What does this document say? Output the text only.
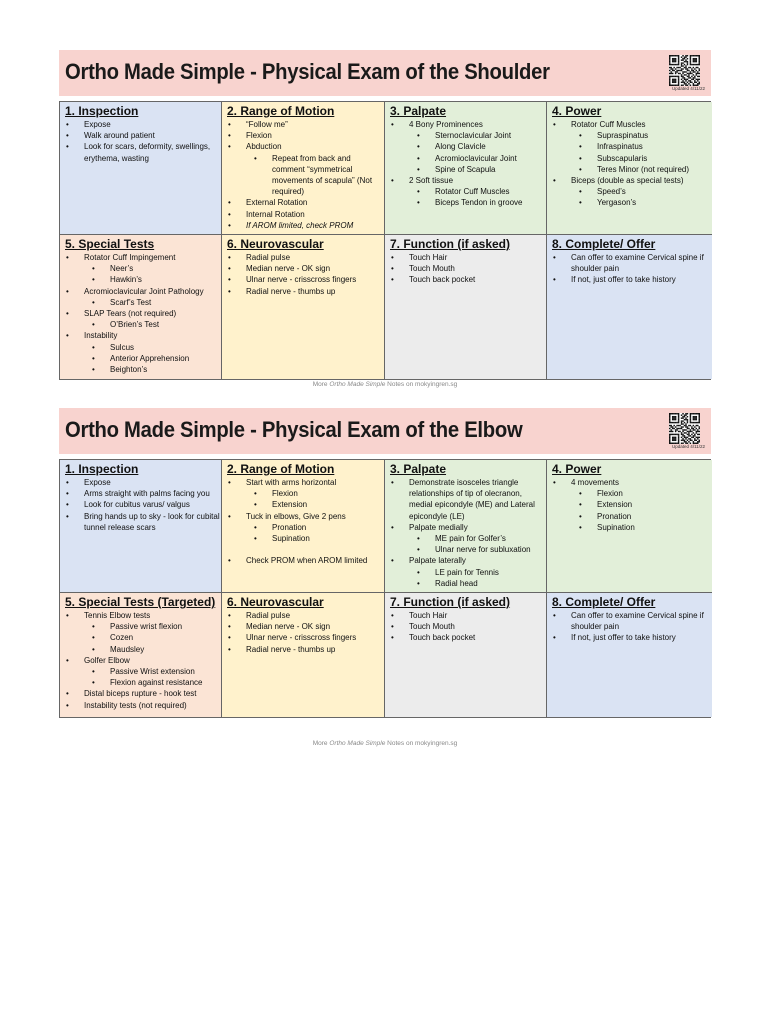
Ortho Made Simple - Physical Exam of the Shoulder
Updated 4/11/22
1. Inspection
• Expose
• Walk around patient
• Look for scars, deformity, swellings, erythema, wasting
2. Range of Motion
• “Follow me”
• Flexion
• Abduction
• Repeat from back and comment “symmetrical movements of scapula” (Not required)
• External Rotation
• Internal Rotation
• If AROM limited, check PROM
3. Palpate
• 4 Bony Prominences
• Sternoclavicular Joint
• Along Clavicle
• Acromioclavicular Joint
• Spine of Scapula
• 2 Soft tissue
• Rotator Cuff Muscles
• Biceps Tendon in groove
4. Power
• Rotator Cuff Muscles
• Supraspinatus
• Infraspinatus
• Subscapularis
• Teres Minor (not required)
• Biceps (double as special tests)
• Speed’s
• Yergason’s
5. Special Tests
• Rotator Cuff Impingement
• Neer’s
• Hawkin’s
• Acromioclavicular Joint Pathology
• Scarf’s Test
• SLAP Tears (not required)
• O’Brien’s Test
• Instability
• Sulcus
• Anterior Apprehension
• Beighton’s
6. Neurovascular
• Radial pulse
• Median nerve - OK sign
• Ulnar nerve - crisscross fingers
• Radial nerve - thumbs up
7. Function (if asked)
• Touch Hair
• Touch Mouth
• Touch back pocket
8. Complete/ Offer
• Can offer to examine Cervical spine if shoulder pain
• If not, just offer to take history
More Ortho Made Simple Notes on mokyingren.sg
Ortho Made Simple - Physical Exam of the Elbow
Updated 4/11/22
1. Inspection
• Expose
• Arms straight with palms facing you
• Look for cubitus varus/ valgus
• Bring hands up to sky - look for cubital tunnel release scars
2. Range of Motion
• Start with arms horizontal
• Flexion
• Extension
• Tuck in elbows, Give 2 pens
• Pronation
• Supination
• Check PROM when AROM limited
3. Palpate
• Demonstrate isosceles triangle relationships of tip of olecranon, medial epicondyle (ME) and Lateral epicondyle (LE)
• Palpate medially
• ME pain for Golfer’s
• Ulnar nerve for subluxation
• Palpate laterally
• LE pain for Tennis
• Radial head
4. Power
• 4 movements
• Flexion
• Extension
• Pronation
• Supination
5. Special Tests (Targeted)
• Tennis Elbow tests
• Passive wrist flexion
• Cozen
• Maudsley
• Golfer Elbow
• Passive Wrist extension
• Flexion against resistance
• Distal biceps rupture - hook test
• Instability tests (not required)
6. Neurovascular
• Radial pulse
• Median nerve - OK sign
• Ulnar nerve - crisscross fingers
• Radial nerve - thumbs up
7. Function (if asked)
• Touch Hair
• Touch Mouth
• Touch back pocket
8. Complete/ Offer
• Can offer to examine Cervical spine if shoulder pain
• If not, just offer to take history
More Ortho Made Simple Notes on mokyingren.sg
